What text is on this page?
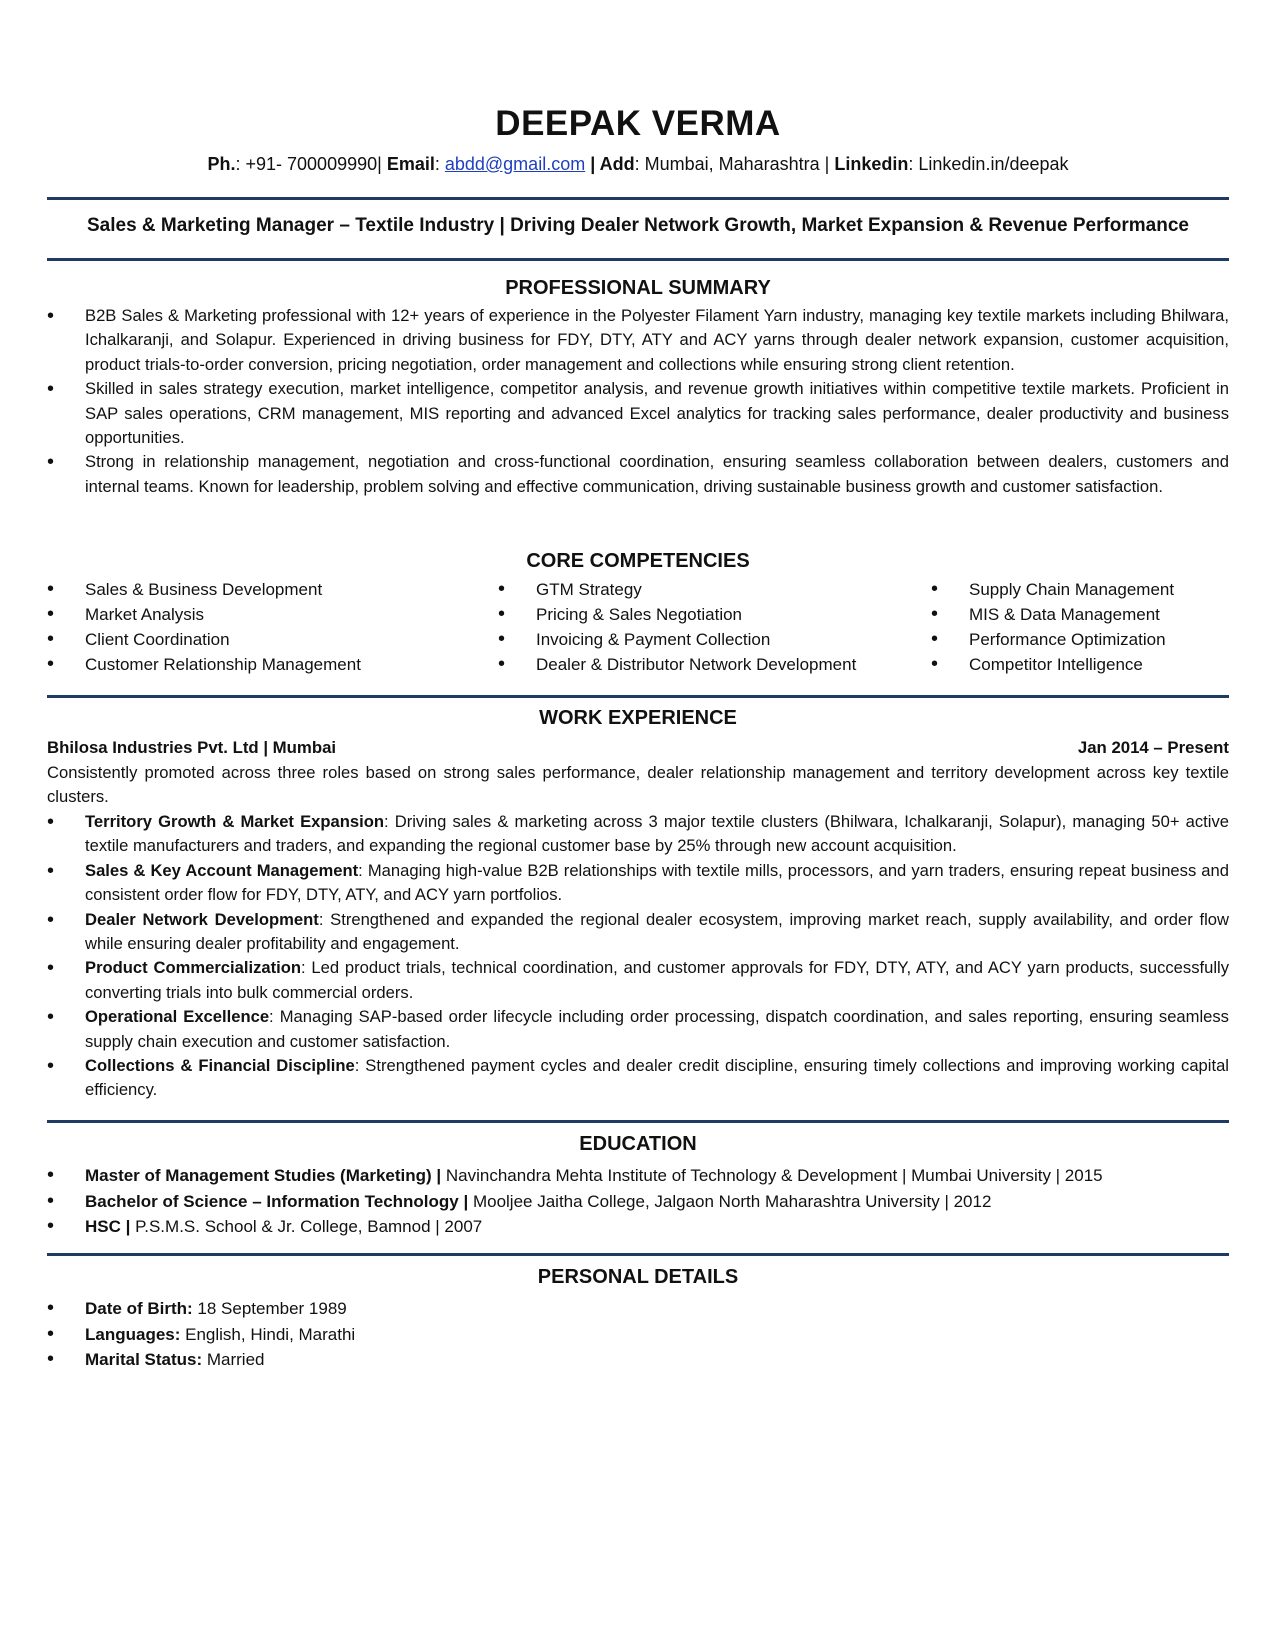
DEEPAK VERMA
Ph.: +91- 700009990| Email: abdd@gmail.com | Add: Mumbai, Maharashtra | Linkedin: Linkedin.in/deepak
Sales & Marketing Manager – Textile Industry | Driving Dealer Network Growth, Market Expansion & Revenue Performance
PROFESSIONAL SUMMARY
• B2B Sales & Marketing professional with 12+ years of experience in the Polyester Filament Yarn industry, managing key textile markets including Bhilwara, Ichalkaranji, and Solapur. Experienced in driving business for FDY, DTY, ATY and ACY yarns through dealer network expansion, customer acquisition, product trials-to-order conversion, pricing negotiation, order management and collections while ensuring strong client retention.
• Skilled in sales strategy execution, market intelligence, competitor analysis, and revenue growth initiatives within competitive textile markets. Proficient in SAP sales operations, CRM management, MIS reporting and advanced Excel analytics for tracking sales performance, dealer productivity and business opportunities.
• Strong in relationship management, negotiation and cross-functional coordination, ensuring seamless collaboration between dealers, customers and internal teams. Known for leadership, problem solving and effective communication, driving sustainable business growth and customer satisfaction.
CORE COMPETENCIES
• Sales & Business Development
• Market Analysis
• Client Coordination
• Customer Relationship Management
• GTM Strategy
• Pricing & Sales Negotiation
• Invoicing & Payment Collection
• Dealer & Distributor Network Development
• Supply Chain Management
• MIS & Data Management
• Performance Optimization
• Competitor Intelligence
WORK EXPERIENCE
Bhilosa Industries Pvt. Ltd | Mumbai	Jan 2014 – Present
Consistently promoted across three roles based on strong sales performance, dealer relationship management and territory development across key textile clusters.
• Territory Growth & Market Expansion: Driving sales & marketing across 3 major textile clusters (Bhilwara, Ichalkaranji, Solapur), managing 50+ active textile manufacturers and traders, and expanding the regional customer base by 25% through new account acquisition.
• Sales & Key Account Management: Managing high-value B2B relationships with textile mills, processors, and yarn traders, ensuring repeat business and consistent order flow for FDY, DTY, ATY, and ACY yarn portfolios.
• Dealer Network Development: Strengthened and expanded the regional dealer ecosystem, improving market reach, supply availability, and order flow while ensuring dealer profitability and engagement.
• Product Commercialization: Led product trials, technical coordination, and customer approvals for FDY, DTY, ATY, and ACY yarn products, successfully converting trials into bulk commercial orders.
• Operational Excellence: Managing SAP-based order lifecycle including order processing, dispatch coordination, and sales reporting, ensuring seamless supply chain execution and customer satisfaction.
• Collections & Financial Discipline: Strengthened payment cycles and dealer credit discipline, ensuring timely collections and improving working capital efficiency.
EDUCATION
• Master of Management Studies (Marketing) | Navinchandra Mehta Institute of Technology & Development | Mumbai University | 2015
• Bachelor of Science – Information Technology | Mooljee Jaitha College, Jalgaon North Maharashtra University | 2012
• HSC | P.S.M.S. School & Jr. College, Bamnod | 2007
PERSONAL DETAILS
• Date of Birth: 18 September 1989
• Languages: English, Hindi, Marathi
• Marital Status: Married
